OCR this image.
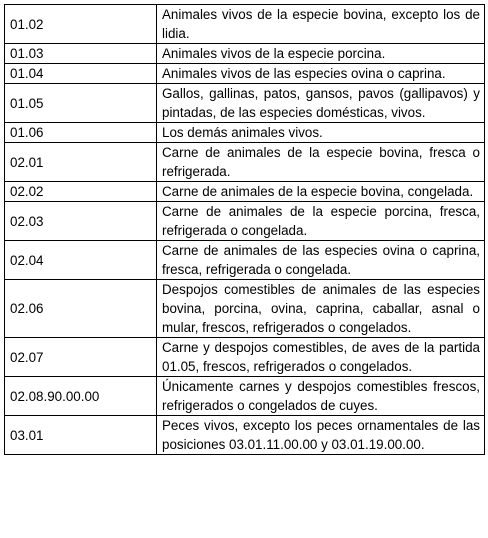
01.02	Animales vivos de la especie bovina, excepto los de lidia.
01.03	Animales vivos de la especie porcina.
01.04	Animales vivos de las especies ovina o caprina.
01.05	Gallos, gallinas, patos, gansos, pavos (gallipavos) y pintadas, de las especies domésticas, vivos.
01.06	Los demás animales vivos.
02.01	Carne de animales de la especie bovina, fresca o refrigerada.
02.02	Carne de animales de la especie bovina, congelada.
02.03	Carne de animales de la especie porcina, fresca, refrigerada o congelada.
02.04	Carne de animales de las especies ovina o caprina, fresca, refrigerada o congelada.
02.06	Despojos comestibles de animales de las especies bovina, porcina, ovina, caprina, caballar, asnal o mular, frescos, refrigerados o congelados.
02.07	Carne y despojos comestibles, de aves de la partida 01.05, frescos, refrigerados o congelados.
02.08.90.00.00	Únicamente carnes y despojos comestibles frescos, refrigerados o congelados de cuyes.
03.01	Peces vivos, excepto los peces ornamentales de las posiciones 03.01.11.00.00 y 03.01.19.00.00.
